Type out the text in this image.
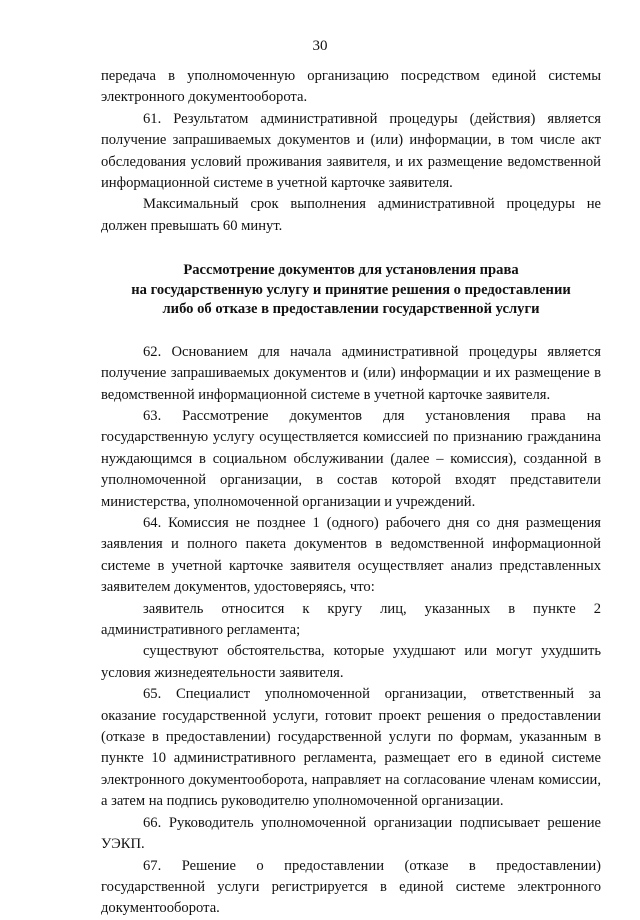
30

передача в уполномоченную организацию посредством единой системы электронного документооборота.

61. Результатом административной процедуры (действия) является получение запрашиваемых документов и (или) информации, в том числе акт обследования условий проживания заявителя, и их размещение ведомственной информационной системе в учетной карточке заявителя.

Максимальный срок выполнения административной процедуры не должен превышать 60 минут.

Рассмотрение документов для установления права
на государственную услугу и принятие решения о предоставлении
либо об отказе в предоставлении государственной услуги

62. Основанием для начала административной процедуры является получение запрашиваемых документов и (или) информации и их размещение в ведомственной информационной системе в учетной карточке заявителя.

63. Рассмотрение документов для установления права на государственную услугу осуществляется комиссией по признанию гражданина нуждающимся в социальном обслуживании (далее – комиссия), созданной в уполномоченной организации, в состав которой входят представители министерства, уполномоченной организации и учреждений.

64. Комиссия не позднее 1 (одного) рабочего дня со дня размещения заявления и полного пакета документов в ведомственной информационной системе в учетной карточке заявителя осуществляет анализ представленных заявителем документов, удостоверяясь, что:

заявитель относится к кругу лиц, указанных в пункте 2 административного регламента;

существуют обстоятельства, которые ухудшают или могут ухудшить условия жизнедеятельности заявителя.

65. Специалист уполномоченной организации, ответственный за оказание государственной услуги, готовит проект решения о предоставлении (отказе в предоставлении) государственной услуги по формам, указанным в пункте 10 административного регламента, размещает его в единой системе электронного документооборота, направляет на согласование членам комиссии, а затем на подпись руководителю уполномоченной организации.

66. Руководитель уполномоченной организации подписывает решение УЭКП.

67. Решение о предоставлении (отказе в предоставлении) государственной услуги регистрируется в единой системе электронного документооборота.
